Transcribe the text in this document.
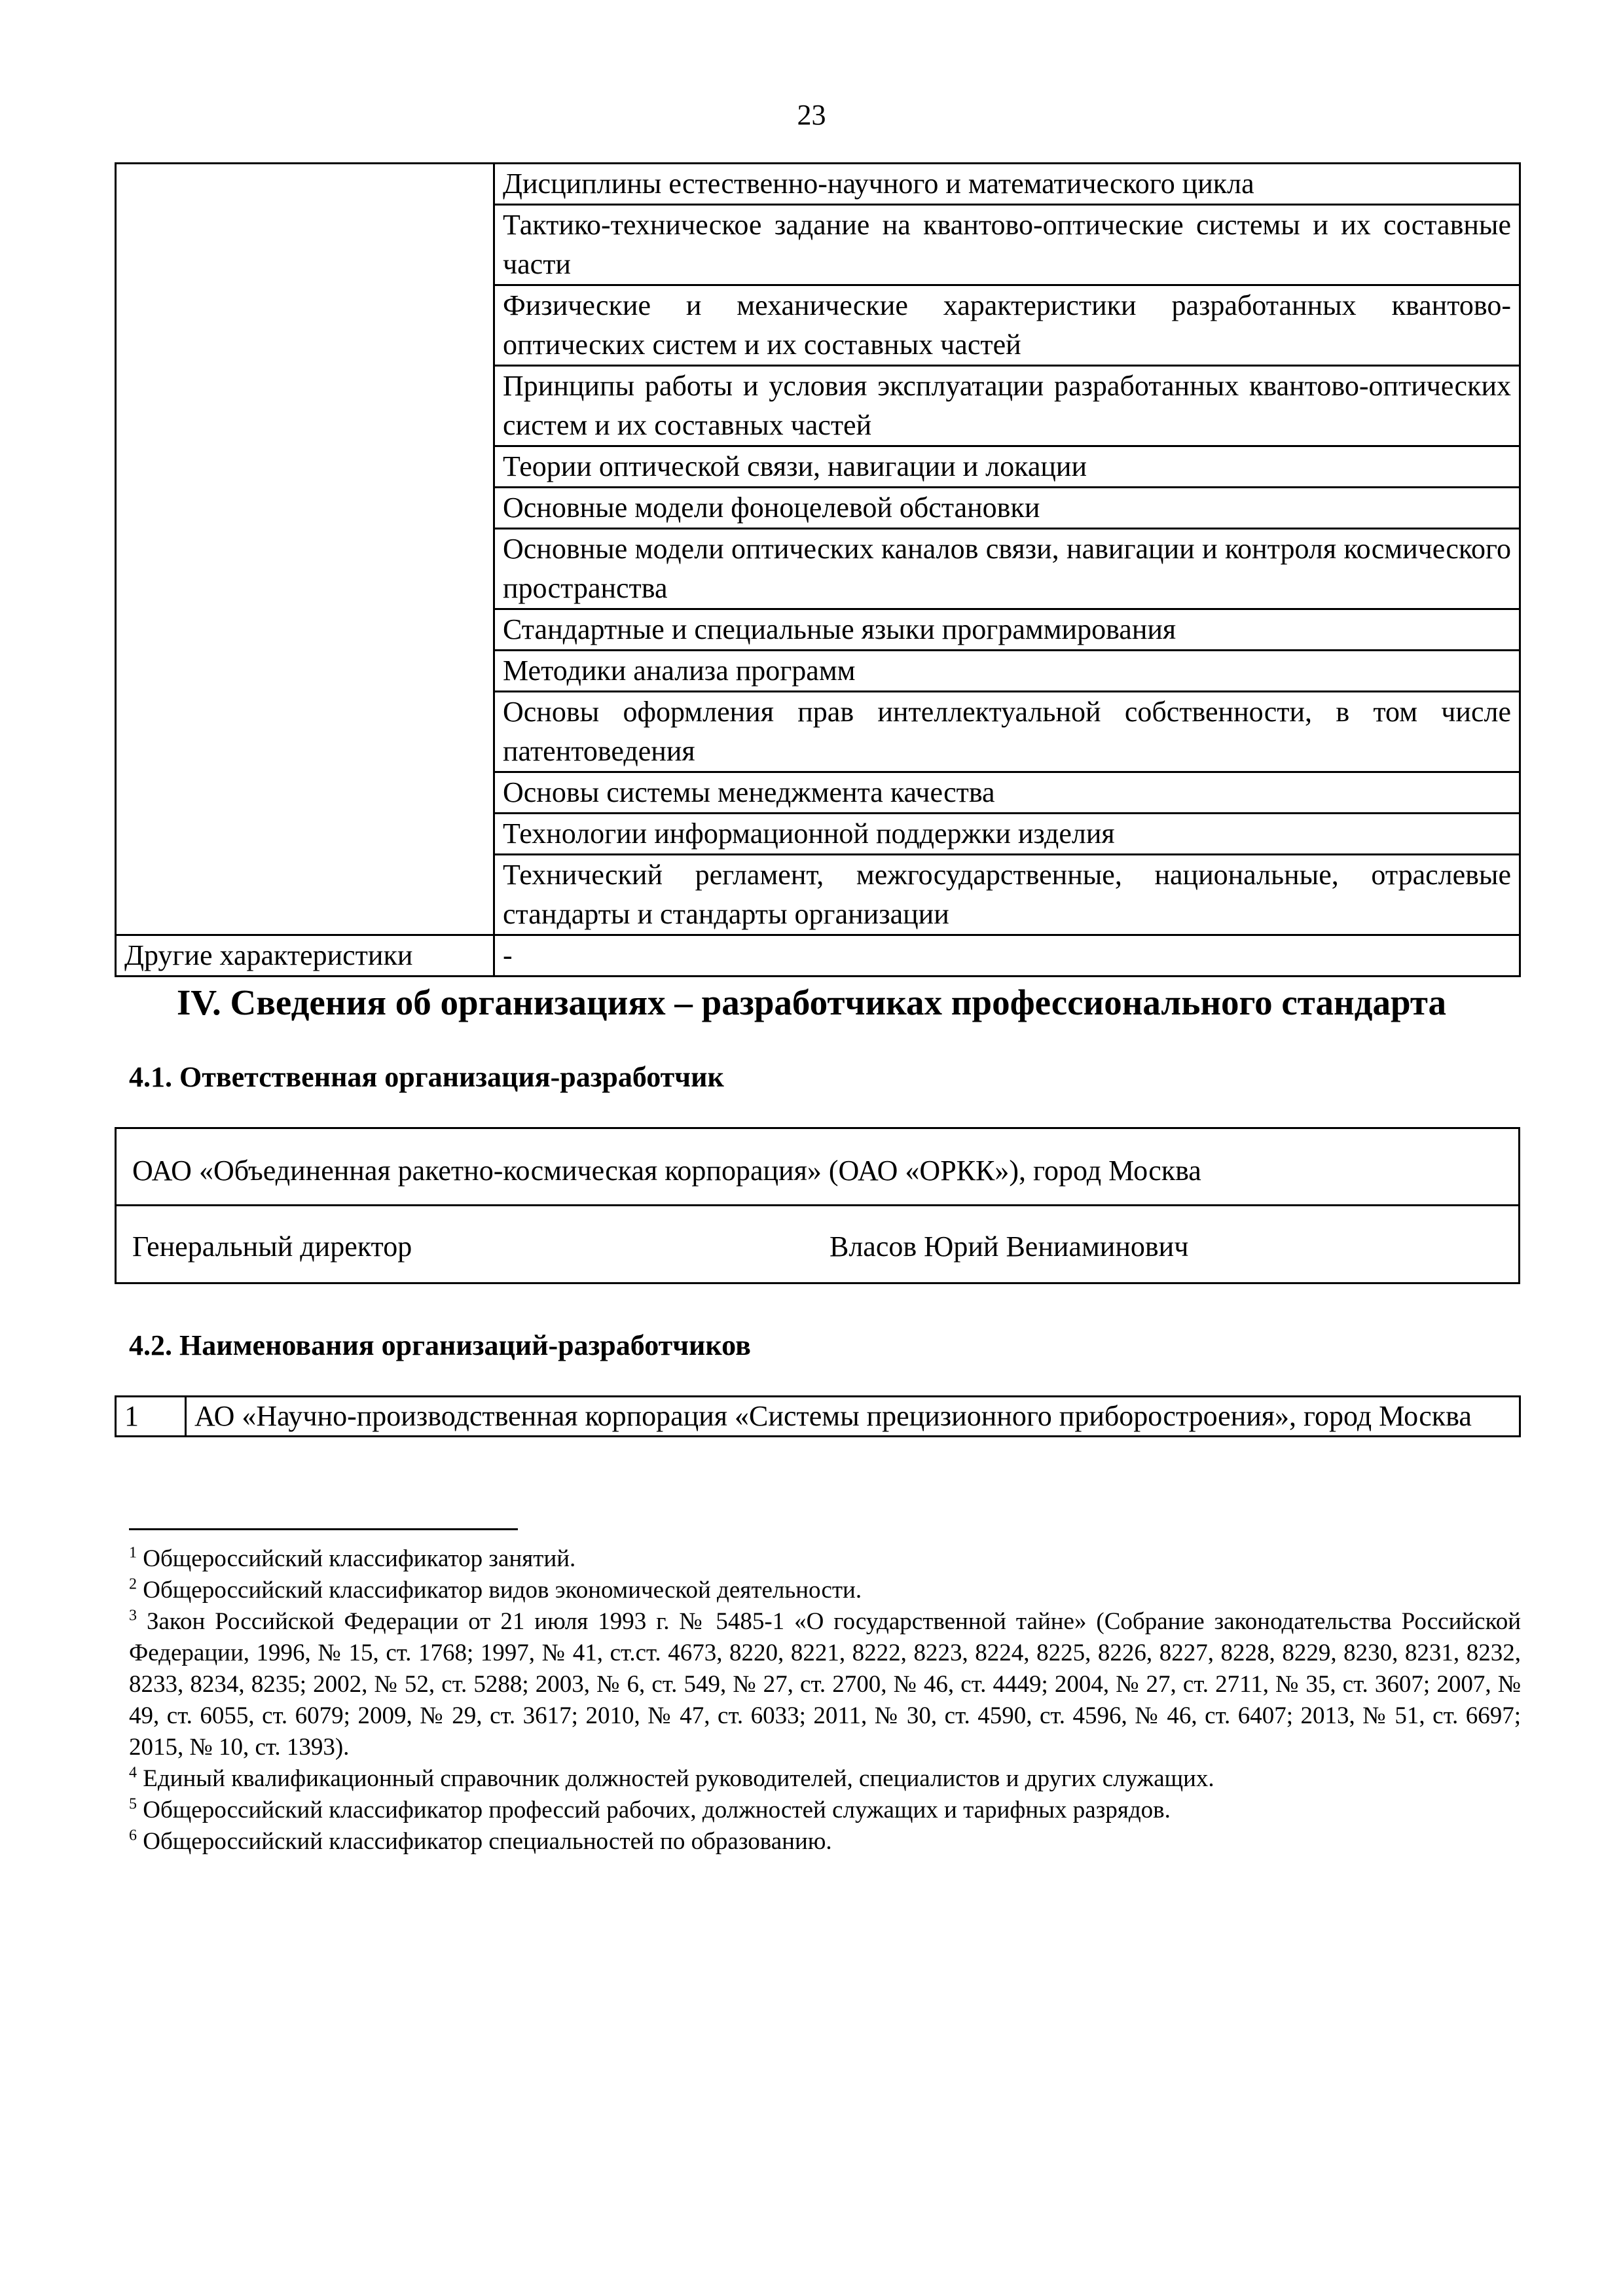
23
	Дисциплины естественно-научного и математического цикла
	Тактико-техническое задание на квантово-оптические системы и их составные части
	Физические и механические характеристики разработанных квантово-оптических систем и их составных частей
	Принципы работы и условия эксплуатации разработанных квантово-оптических систем и их составных частей
	Теории оптической связи, навигации и локации
	Основные модели фоноцелевой обстановки
	Основные модели оптических каналов связи, навигации и контроля космического пространства
	Стандартные и специальные языки программирования
	Методики анализа программ
	Основы оформления прав интеллектуальной собственности, в том числе патентоведения
	Основы системы менеджмента качества
	Технологии информационной поддержки изделия
	Технический регламент, межгосударственные, национальные, отраслевые стандарты и стандарты организации
Другие характеристики	-
IV. Сведения об организациях – разработчиках профессионального стандарта
4.1. Ответственная организация-разработчик
ОАО «Объединенная ракетно-космическая корпорация» (ОАО «ОРКК»), город Москва
Генеральный директор	Власов Юрий Вениаминович
4.2. Наименования организаций-разработчиков
1	АО «Научно-производственная корпорация «Системы прецизионного приборостроения», город Москва
$^1$ Общероссийский классификатор занятий.
$^2$ Общероссийский классификатор видов экономической деятельности.
$^3$ Закон Российской Федерации от 21 июля 1993 г. № 5485-1 «О государственной тайне» (Собрание законодательства Российской Федерации, 1996, № 15, ст. 1768; 1997, № 41, ст.ст. 4673, 8220, 8221, 8222, 8223, 8224, 8225, 8226, 8227, 8228, 8229, 8230, 8231, 8232, 8233, 8234, 8235; 2002, № 52, ст. 5288; 2003, № 6, ст. 549, № 27, ст. 2700, № 46, ст. 4449; 2004, № 27, ст. 2711, № 35, ст. 3607; 2007, № 49, ст. 6055, ст. 6079; 2009, № 29, ст. 3617; 2010, № 47, ст. 6033; 2011, № 30, ст. 4590, ст. 4596, № 46, ст. 6407; 2013, № 51, ст. 6697; 2015, № 10, ст. 1393).
$^4$ Единый квалификационный справочник должностей руководителей, специалистов и других служащих.
$^5$ Общероссийский классификатор профессий рабочих, должностей служащих и тарифных разрядов.
$^6$ Общероссийский классификатор специальностей по образованию.
